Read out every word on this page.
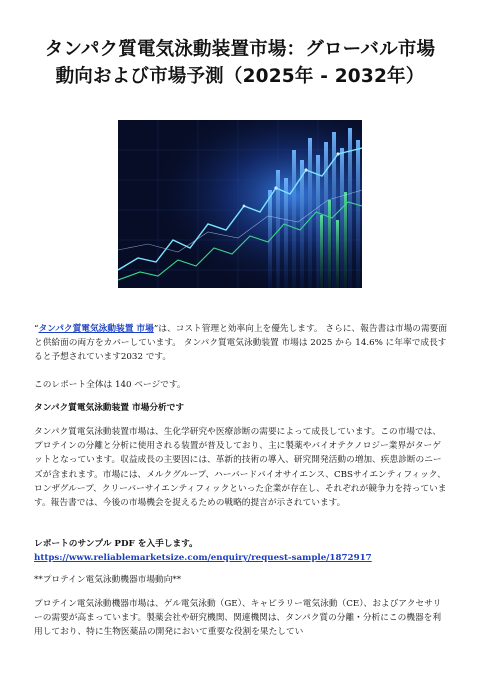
タンパク質電気泳動装置市場：グローバル市場
動向および市場予測（2025年 - 2032年）
“タンパク質電気泳動装置 市場”は、コスト管理と効率向上を優先します。 さらに、報告書は市場の需要面と供給面の両方をカバーしています。 タンパク質電気泳動装置 市場は 2025 から 14.6% に年率で成長すると予想されています2032 です。
このレポート全体は 140 ページです。
タンパク質電気泳動装置 市場分析です
タンパク質電気泳動装置市場は、生化学研究や医療診断の需要によって成長しています。この市場では、プロテインの分離と分析に使用される装置が普及しており、主に製薬やバイオテクノロジー業界がターゲットとなっています。収益成長の主要因には、革新的技術の導入、研究開発活動の増加、疾患診断のニーズが含まれます。市場には、メルクグループ、ハーバードバイオサイエンス、CBSサイエンティフィック、ロンザグループ、クリーバーサイエンティフィックといった企業が存在し、それぞれが競争力を持っています。報告書では、今後の市場機会を捉えるための戦略的提言が示されています。
レポートのサンプル PDF を入手します。 https://www.reliablemarketsize.com/enquiry/request-sample/1872917
**プロテイン電気泳動機器市場動向**
プロテイン電気泳動機器市場は、ゲル電気泳動（GE）、キャピラリー電気泳動（CE）、およびアクセサリーの需要が高まっています。製薬会社や研究機関、関連機関は、タンパク質の分離・分析にこの機器を利用しており、特に生物医薬品の開発において重要な役割を果たしてい
